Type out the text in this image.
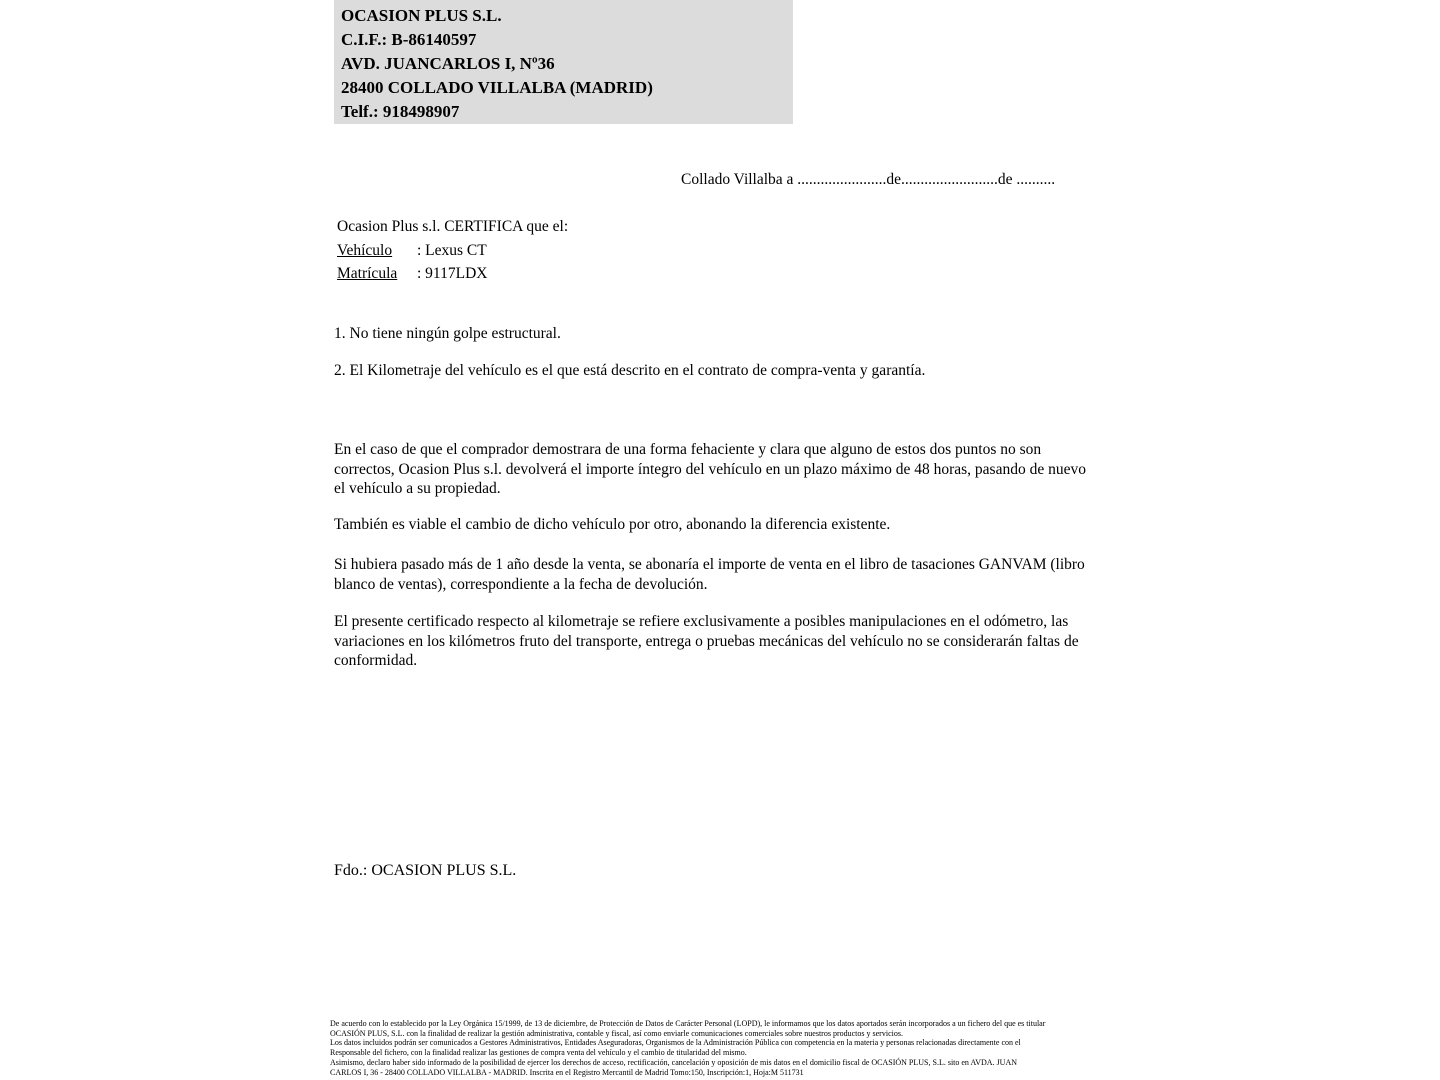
OCASION PLUS S.L.
C.I.F.: B-86140597
AVD. JUANCARLOS I, Nº36
28400 COLLADO VILLALBA (MADRID)
Telf.: 918498907
Collado Villalba a .......................de.........................de ..........
Ocasion Plus s.l. CERTIFICA que el:
Vehículo : Lexus CT
Matrícula : 9117LDX
1. No tiene ningún golpe estructural.
2. El Kilometraje del vehículo es el que está descrito en el contrato de compra-venta y garantía.
En el caso de que el comprador demostrara de una forma fehaciente y clara que alguno de estos dos puntos no son correctos, Ocasion Plus s.l. devolverá el importe íntegro del vehículo en un plazo máximo de 48 horas, pasando de nuevo el vehículo a su propiedad.
También es viable el cambio de dicho vehículo por otro, abonando la diferencia existente.
Si hubiera pasado más de 1 año desde la venta, se abonaría el importe de venta en el libro de tasaciones GANVAM (libro blanco de ventas), correspondiente a la fecha de devolución.
El presente certificado respecto al kilometraje se refiere exclusivamente a posibles manipulaciones en el odómetro, las variaciones en los kilómetros fruto del transporte, entrega o pruebas mecánicas del vehículo no se considerarán faltas de conformidad.
Fdo.: OCASION PLUS S.L.
De acuerdo con lo establecido por la Ley Orgánica 15/1999, de 13 de diciembre, de Protección de Datos de Carácter Personal (LOPD), le informamos que los datos aportados serán incorporados a un fichero del que es titular
OCASIÓN PLUS, S.L. con la finalidad de realizar la gestión administrativa, contable y fiscal, así como enviarle comunicaciones comerciales sobre nuestros productos y servicios.
Los datos incluidos podrán ser comunicados a Gestores Administrativos, Entidades Aseguradoras, Organismos de la Administración Pública con competencia en la materia y personas relacionadas directamente con el
Responsable del fichero, con la finalidad realizar las gestiones de compra venta del vehículo y el cambio de titularidad del mismo.
Asimismo, declaro haber sido informado de la posibilidad de ejercer los derechos de acceso, rectificación, cancelación y oposición de mis datos en el domicilio fiscal de OCASIÓN PLUS, S.L. sito en AVDA. JUAN
CARLOS I, 36 - 28400 COLLADO VILLALBA - MADRID. Inscrita en el Registro Mercantil de Madrid Tomo:150, Inscripción:1, Hoja:M 511731
